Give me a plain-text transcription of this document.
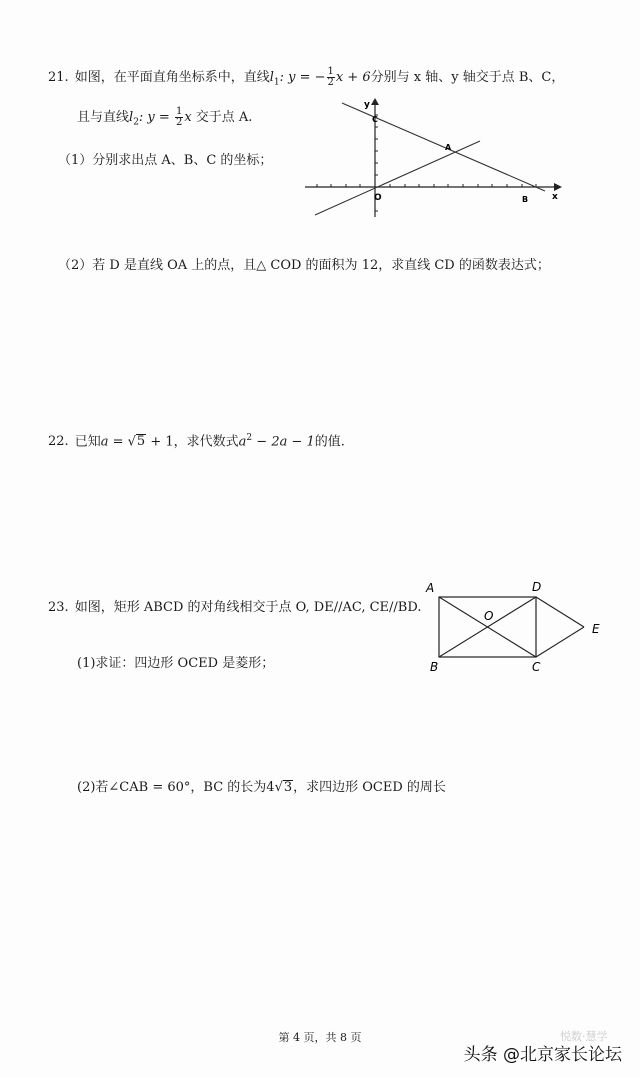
21. 如图，在平面直角坐标系中，直线$l_1$: y = − $\frac{1}{2}$ x + 6分别与 x 轴、y 轴交于点 B、C，
且与直线$l_2$: $y = \frac{1}{2}$ x 交于点 A.
（1）分别求出点 A、B、C 的坐标；
y
x
O
A
B
C
（2）若 D 是直线 OA 上的点，且△ COD 的面积为 12，求直线 CD 的函数表达式；
22. 已知a = √5 + 1，求代数式$a^2 - 2a - 1$的值.
23. 如图，矩形 ABCD 的对角线相交于点 O, DE//AC, CE//BD.
A	D
O
E
B	C
(1)求证：四边形 OCED 是菱形；
(2)若∠CAB = 60°，BC 的长为4√3，求四边形 OCED 的周长
第 4 页，共 8 页	悦数·慧学
头条 @北京家长论坛
